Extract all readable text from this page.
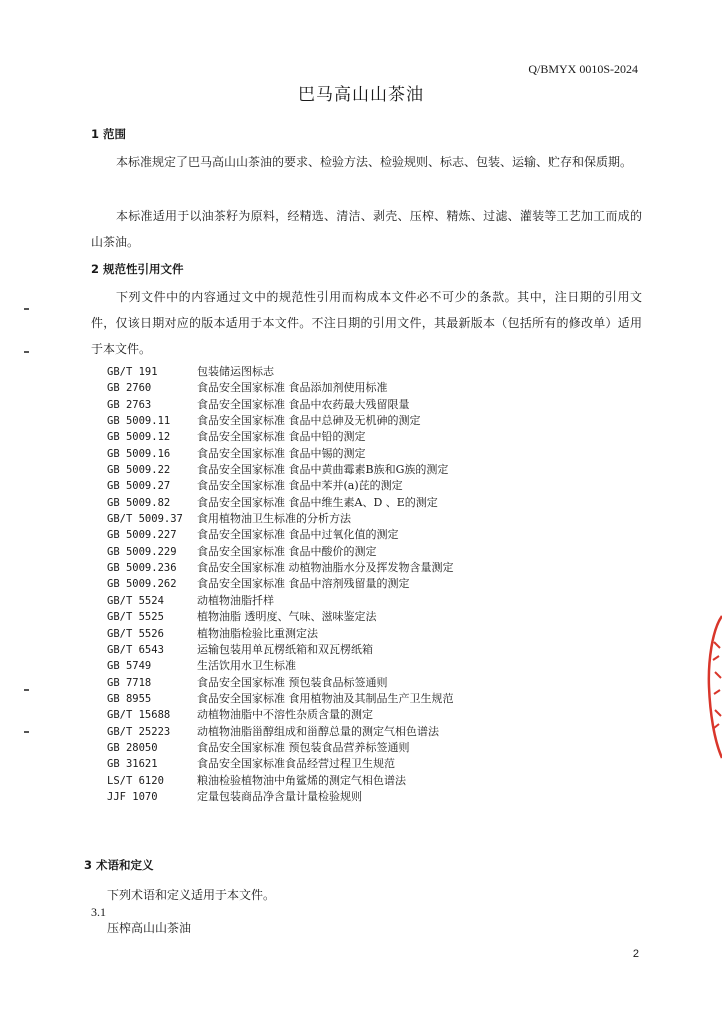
Q/BMYX 0010S-2024
巴马高山山茶油
1 范围
本标准规定了巴马高山山茶油的要求、检验方法、检验规则、标志、包装、运输、贮存和保质期。
本标准适用于以油茶籽为原料，经精选、清洁、剥壳、压榨、精炼、过滤、灌装等工艺加工而成的山茶油。
2 规范性引用文件
下列文件中的内容通过文中的规范性引用而构成本文件必不可少的条款。其中，注日期的引用文件，仅该日期对应的版本适用于本文件。不注日期的引用文件，其最新版本（包括所有的修改单）适用于本文件。
GB/T 191	包装储运图标志
GB 2760	食品安全国家标准 食品添加剂使用标准
GB 2763	食品安全国家标准 食品中农药最大残留限量
GB 5009.11	食品安全国家标准 食品中总砷及无机砷的测定
GB 5009.12	食品安全国家标准 食品中铅的测定
GB 5009.16	食品安全国家标准 食品中锡的测定
GB 5009.22	食品安全国家标准 食品中黄曲霉素B族和G族的测定
GB 5009.27	食品安全国家标准 食品中苯并(a)芘的测定
GB 5009.82	食品安全国家标准 食品中维生素A、D 、E的测定
GB/T 5009.37	食用植物油卫生标准的分析方法
GB 5009.227	食品安全国家标准 食品中过氧化值的测定
GB 5009.229	食品安全国家标准 食品中酸价的测定
GB 5009.236	食品安全国家标准 动植物油脂水分及挥发物含量测定
GB 5009.262	食品安全国家标准 食品中溶剂残留量的测定
GB/T 5524	动植物油脂扦样
GB/T 5525	植物油脂 透明度、气味、滋味鉴定法
GB/T 5526	植物油脂检验比重测定法
GB/T 6543	运输包装用单瓦楞纸箱和双瓦楞纸箱
GB 5749	生活饮用水卫生标准
GB 7718	食品安全国家标准 预包装食品标签通则
GB 8955	食品安全国家标准 食用植物油及其制品生产卫生规范
GB/T 15688	动植物油脂中不溶性杂质含量的测定
GB/T 25223	动植物油脂甾醇组成和甾醇总量的测定气相色谱法
GB 28050	食品安全国家标准 预包装食品营养标签通则
GB 31621	食品安全国家标准食品经营过程卫生规范
LS/T 6120	粮油检验植物油中角鲨烯的测定气相色谱法
JJF 1070	定量包装商品净含量计量检验规则
3 术语和定义
下列术语和定义适用于本文件。
3.1
压榨高山山茶油
2
